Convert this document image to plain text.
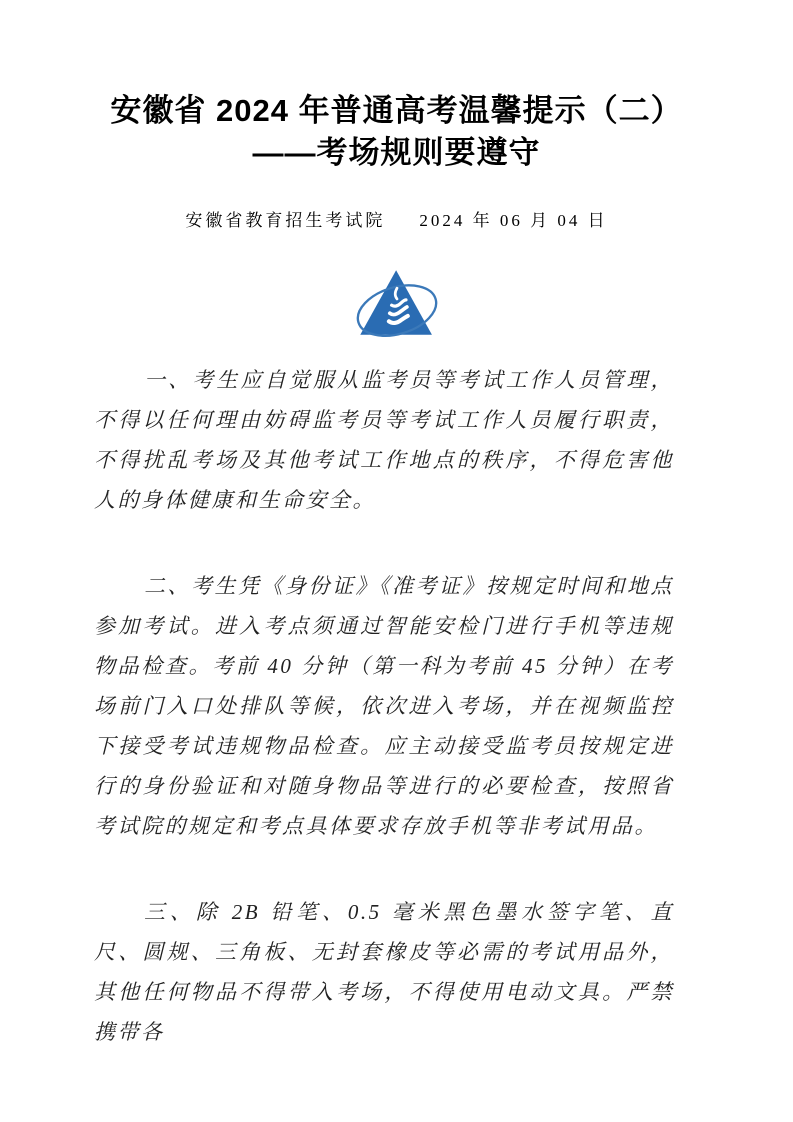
安徽省 2024 年普通高考温馨提示（二）
——考场规则要遵守
安徽省教育招生考试院 2024 年 06 月 04 日

一、考生应自觉服从监考员等考试工作人员管理，不得以任何理由妨碍监考员等考试工作人员履行职责，不得扰乱考场及其他考试工作地点的秩序，不得危害他人的身体健康和生命安全。

二、考生凭《身份证》《准考证》按规定时间和地点参加考试。进入考点须通过智能安检门进行手机等违规物品检查。考前 40 分钟（第一科为考前 45 分钟）在考场前门入口处排队等候，依次进入考场，并在视频监控下接受考试违规物品检查。应主动接受监考员按规定进行的身份验证和对随身物品等进行的必要检查，按照省考试院的规定和考点具体要求存放手机等非考试用品。

三、除 2B 铅笔、0.5 毫米黑色墨水签字笔、直尺、圆规、三角板、无封套橡皮等必需的考试用品外，其他任何物品不得带入考场，不得使用电动文具。严禁携带各
